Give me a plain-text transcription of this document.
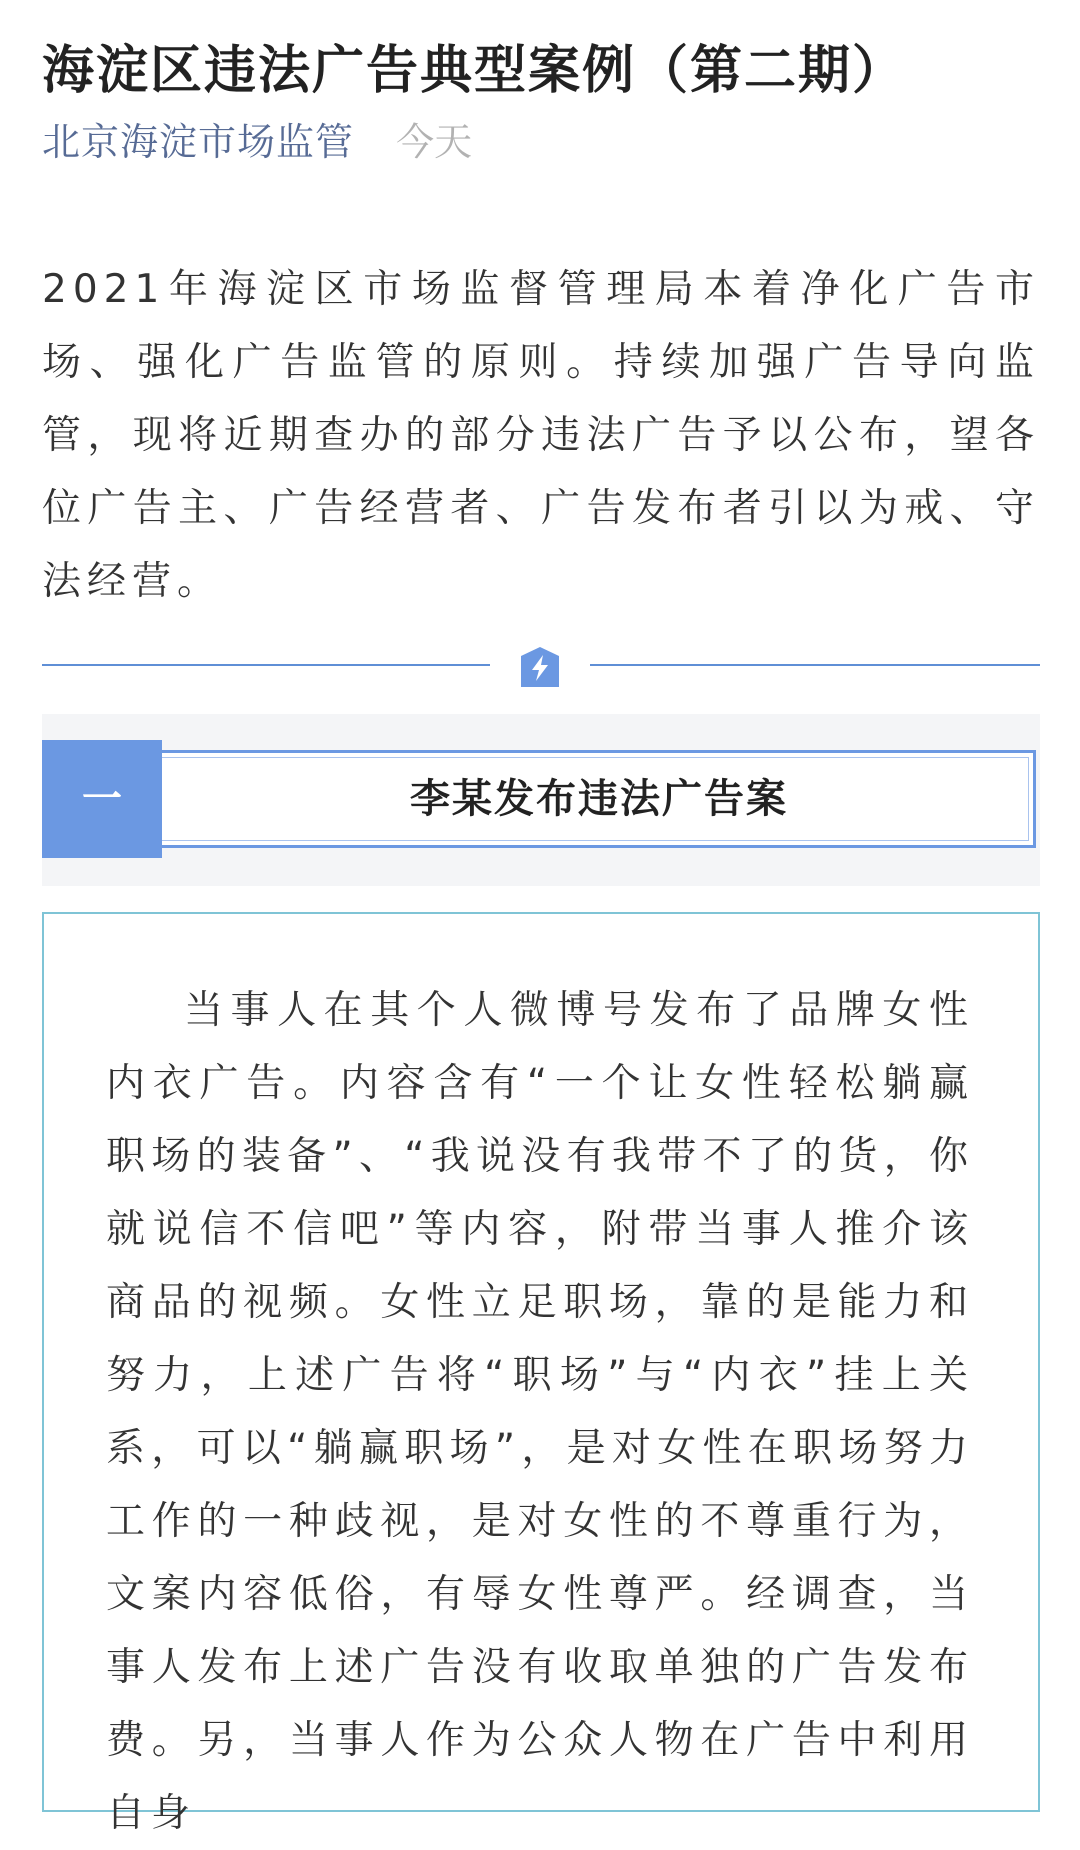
海淀区违法广告典型案例（第二期）
北京海淀市场监管 今天

2021年海淀区市场监督管理局本着净化广告市场、强化广告监管的原则。持续加强广告导向监管，现将近期查办的部分违法广告予以公布，望各位广告主、广告经营者、广告发布者引以为戒、守法经营。

一	李某发布违法广告案

当事人在其个人微博号发布了品牌女性内衣广告。内容含有“一个让女性轻松躺赢职场的装备”、“我说没有我带不了的货，你就说信不信吧”等内容，附带当事人推介该商品的视频。女性立足职场，靠的是能力和努力，上述广告将“职场”与“内衣”挂上关系，可以“躺赢职场”，是对女性在职场努力工作的一种歧视，是对女性的不尊重行为，文案内容低俗，有辱女性尊严。经调查，当事人发布上述广告没有收取单独的广告发布费。另，当事人作为公众人物在广告中利用自身
